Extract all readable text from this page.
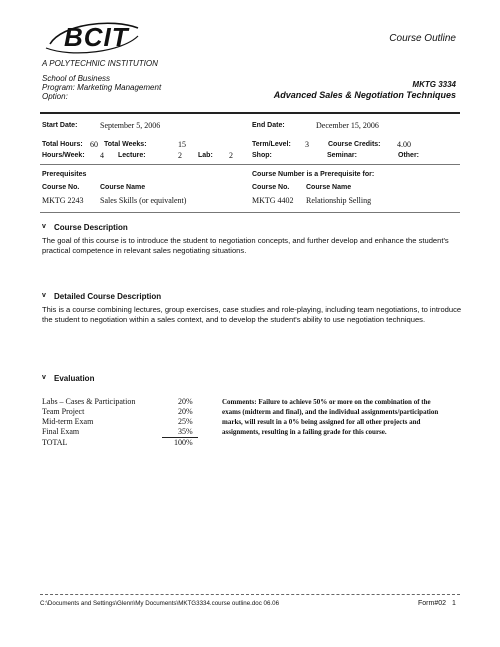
BCIT
A POLYTECHNIC INSTITUTION
Course Outline
School of Business
Program: Marketing Management
Option:
MKTG 3334
Advanced Sales & Negotiation Techniques
Start Date:	September 5, 2006	End Date:	December 15, 2006
Total Hours: 60 Total Weeks:	15	Term/Level: 3	Course Credits: 4.00
Hours/Week: 4 Lecture:	2 Lab: 2	Shop:	Seminar:	Other:
Prerequisites	Course Number is a Prerequisite for:
Course No.	Course Name	Course No. Course Name
MKTG 2243 Sales Skills (or equivalent)	MKTG 4402 Relationship Selling
v Course Description

The goal of this course is to introduce the student to negotiation concepts, and further develop and enhance the student's practical competence in relevant sales negotiating situations.

v Detailed Course Description

This is a course combining lectures, group exercises, case studies and role-playing, including team negotiations, to introduce the student to negotiation within a sales context, and to develop the student's ability to use negotiation techniques.

v Evaluation
Labs – Cases & Participation	20%
Team Project	20%
Mid-term Exam	25%
Final Exam	35%
TOTAL	100%

Comments: Failure to achieve 50% or more on the combination of the exams (midterm and final), and the individual assignments/participation marks, will result in a 0% being assigned for all other projects and assignments, resulting in a failing grade for this course.

C:\Documents and Settings\Glenn\My Documents\MKTG3334.course outline.doc 06.06	Form#02 1
